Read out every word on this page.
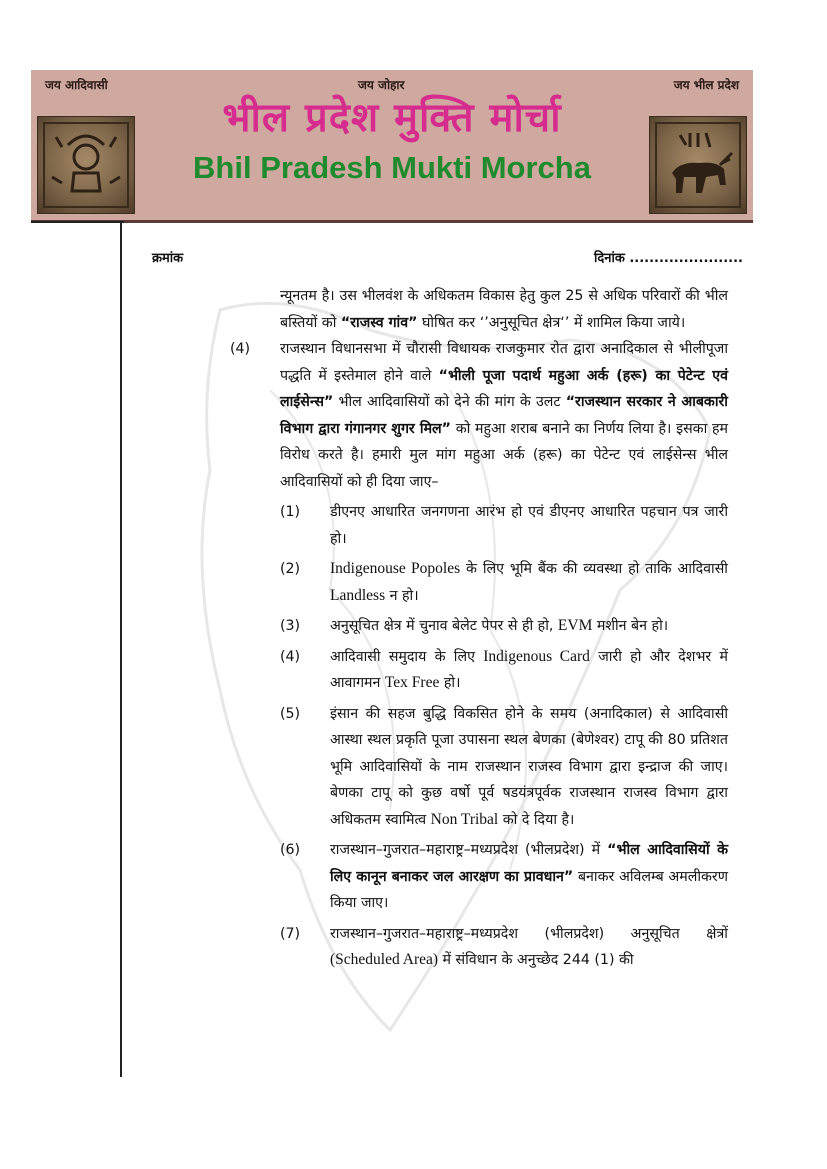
जय आदिवासी	जय जोहार	जय भील प्रदेश
भील प्रदेश मुक्ति मोर्चा
Bhil Pradesh Mukti Morcha
क्रमांक	दिनांक .......................
न्यूनतम है। उस भीलवंश के अधिकतम विकास हेतु कुल 25 से अधिक परिवारों की भील बस्तियों को “राजस्व गांव” घोषित कर ‘’अनुसूचित क्षेत्र‘’ में शामिल किया जाये।
(4)	राजस्थान विधानसभा में चौरासी विधायक राजकुमार रोत द्वारा अनादिकाल से भीलीपूजा पद्धति में इस्तेमाल होने वाले “भीली पूजा पदार्थ महुआ अर्क (हरू) का पेटेन्ट एवं लाईसेन्स” भील आदिवासियों को देने की मांग के उलट “राजस्थान सरकार ने आबकारी विभाग द्वारा गंगानगर शुगर मिल” को महुआ शराब बनाने का निर्णय लिया है। इसका हम विरोध करते है। हमारी मुल मांग महुआ अर्क (हरू) का पेटेन्ट एवं लाईसेन्स भील आदिवासियों को ही दिया जाए–
(1)	डीएनए आधारित जनगणना आरंभ हो एवं डीएनए आधारित पहचान पत्र जारी हो।
(2)	Indigenouse Popoles के लिए भूमि बैंक की व्यवस्था हो ताकि आदिवासी Landless न हो।
(3)	अनुसूचित क्षेत्र में चुनाव बेलेट पेपर से ही हो, EVM मशीन बेन हो।
(4)	आदिवासी समुदाय के लिए Indigenous Card जारी हो और देशभर में आवागमन Tex Free हो।
(5)	इंसान की सहज बुद्धि विकसित होने के समय (अनादिकाल) से आदिवासी आस्था स्थल प्रकृति पूजा उपासना स्थल बेणका (बेणेश्वर) टापू की 80 प्रतिशत भूमि आदिवासियों के नाम राजस्थान राजस्व विभाग द्वारा इन्द्राज की जाए। बेणका टापू को कुछ वर्षो पूर्व षडयंत्रपूर्वक राजस्थान राजस्व विभाग द्वारा अधिकतम स्वामित्व Non Tribal को दे दिया है।
(6)	राजस्थान–गुजरात–महाराष्ट्र–मध्यप्रदेश (भीलप्रदेश) में “भील आदिवासियों के लिए कानून बनाकर जल आरक्षण का प्रावधान” बनाकर अविलम्ब अमलीकरण किया जाए।
(7)	राजस्थान–गुजरात–महाराष्ट्र–मध्यप्रदेश (भीलप्रदेश) अनुसूचित क्षेत्रों (Scheduled Area) में संविधान के अनुच्छेद 244 (1) की
